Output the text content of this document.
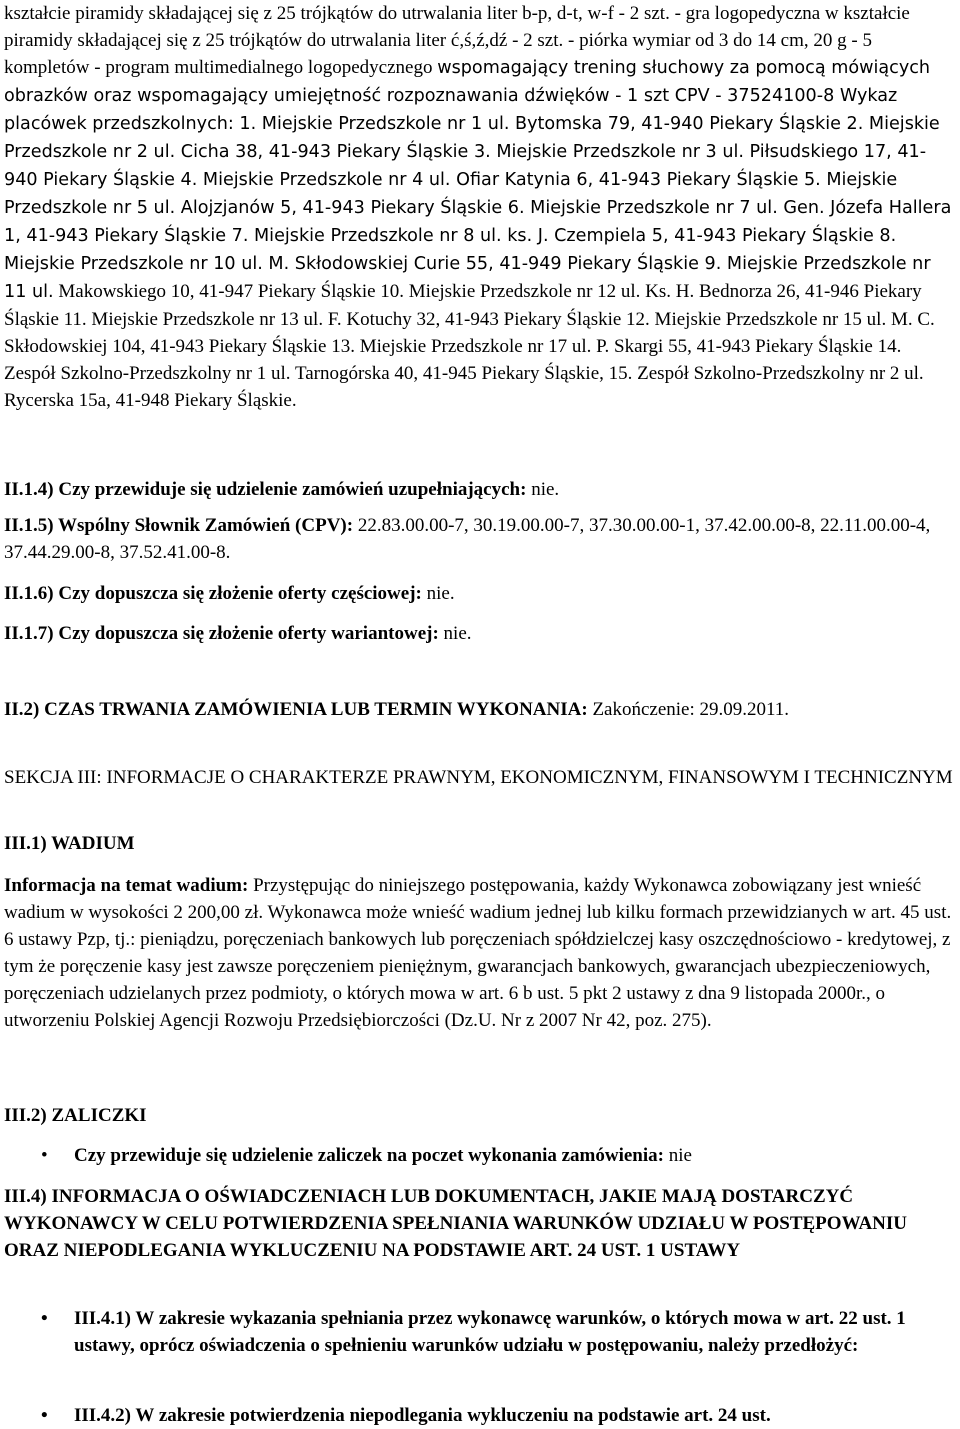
kształcie piramidy składającej się z 25 trójkątów do utrwalania liter b-p, d-t, w-f - 2 szt. - gra logopedyczna w kształcie piramidy składającej się z 25 trójkątów do utrwalania liter ć,ś,ź,dź - 2 szt. - piórka wymiar od 3 do 14 cm, 20 g - 5 kompletów - program multimedialnego logopedycznego wspomagający trening słuchowy za pomocą mówiących obrazków oraz wspomagający umiejętność rozpoznawania dźwięków - 1 szt CPV - 37524100-8 Wykaz placówek przedszkolnych: 1. Miejskie Przedszkole nr 1 ul. Bytomska 79, 41-940 Piekary Śląskie 2. Miejskie Przedszkole nr 2 ul. Cicha 38, 41-943 Piekary Śląskie 3. Miejskie Przedszkole nr 3 ul. Piłsudskiego 17, 41-940 Piekary Śląskie 4. Miejskie Przedszkole nr 4 ul. Ofiar Katynia 6, 41-943 Piekary Śląskie 5. Miejskie Przedszkole nr 5 ul. Alojzjanów 5, 41-943 Piekary Śląskie 6. Miejskie Przedszkole nr 7 ul. Gen. Józefa Hallera 1, 41-943 Piekary Śląskie 7. Miejskie Przedszkole nr 8 ul. ks. J. Czempiela 5, 41-943 Piekary Śląskie 8. Miejskie Przedszkole nr 10 ul. M. Skłodowskiej Curie 55, 41-949 Piekary Śląskie 9. Miejskie Przedszkole nr 11 ul. Makowskiego 10, 41-947 Piekary Śląskie 10. Miejskie Przedszkole nr 12 ul. Ks. H. Bednorza 26, 41-946 Piekary Śląskie 11. Miejskie Przedszkole nr 13 ul. F. Kotuchy 32, 41-943 Piekary Śląskie 12. Miejskie Przedszkole nr 15 ul. M. C. Skłodowskiej 104, 41-943 Piekary Śląskie 13. Miejskie Przedszkole nr 17 ul. P. Skargi 55, 41-943 Piekary Śląskie 14. Zespół Szkolno-Przedszkolny nr 1 ul. Tarnogórska 40, 41-945 Piekary Śląskie, 15. Zespół Szkolno-Przedszkolny nr 2 ul. Rycerska 15a, 41-948 Piekary Śląskie.

II.1.4) Czy przewiduje się udzielenie zamówień uzupełniających: nie.

II.1.5) Wspólny Słownik Zamówień (CPV): 22.83.00.00-7, 30.19.00.00-7, 37.30.00.00-1, 37.42.00.00-8, 22.11.00.00-4, 37.44.29.00-8, 37.52.41.00-8.

II.1.6) Czy dopuszcza się złożenie oferty częściowej: nie.

II.1.7) Czy dopuszcza się złożenie oferty wariantowej: nie.

II.2) CZAS TRWANIA ZAMÓWIENIA LUB TERMIN WYKONANIA: Zakończenie: 29.09.2011.

SEKCJA III: INFORMACJE O CHARAKTERZE PRAWNYM, EKONOMICZNYM, FINANSOWYM I TECHNICZNYM

III.1) WADIUM

Informacja na temat wadium: Przystępując do niniejszego postępowania, każdy Wykonawca zobowiązany jest wnieść wadium w wysokości 2 200,00 zł. Wykonawca może wnieść wadium jednej lub kilku formach przewidzianych w art. 45 ust. 6 ustawy Pzp, tj.: pieniądzu, poręczeniach bankowych lub poręczeniach spółdzielczej kasy oszczędnościowo - kredytowej, z tym że poręczenie kasy jest zawsze poręczeniem pieniężnym, gwarancjach bankowych, gwarancjach ubezpieczeniowych, poręczeniach udzielanych przez podmioty, o których mowa w art. 6 b ust. 5 pkt 2 ustawy z dna 9 listopada 2000r., o utworzeniu Polskiej Agencji Rozwoju Przedsiębiorczości (Dz.U. Nr z 2007 Nr 42, poz. 275).

III.2) ZALICZKI

• Czy przewiduje się udzielenie zaliczek na poczet wykonania zamówienia: nie

III.4) INFORMACJA O OŚWIADCZENIACH LUB DOKUMENTACH, JAKIE MAJĄ DOSTARCZYĆ WYKONAWCY W CELU POTWIERDZENIA SPEŁNIANIA WARUNKÓW UDZIAŁU W POSTĘPOWANIU ORAZ NIEPODLEGANIA WYKLUCZENIU NA PODSTAWIE ART. 24 UST. 1 USTAWY

• III.4.1) W zakresie wykazania spełniania przez wykonawcę warunków, o których mowa w art. 22 ust. 1 ustawy, oprócz oświadczenia o spełnieniu warunków udziału w postępowaniu, należy przedłożyć:
• III.4.2) W zakresie potwierdzenia niepodlegania wykluczeniu na podstawie art. 24 ust.
